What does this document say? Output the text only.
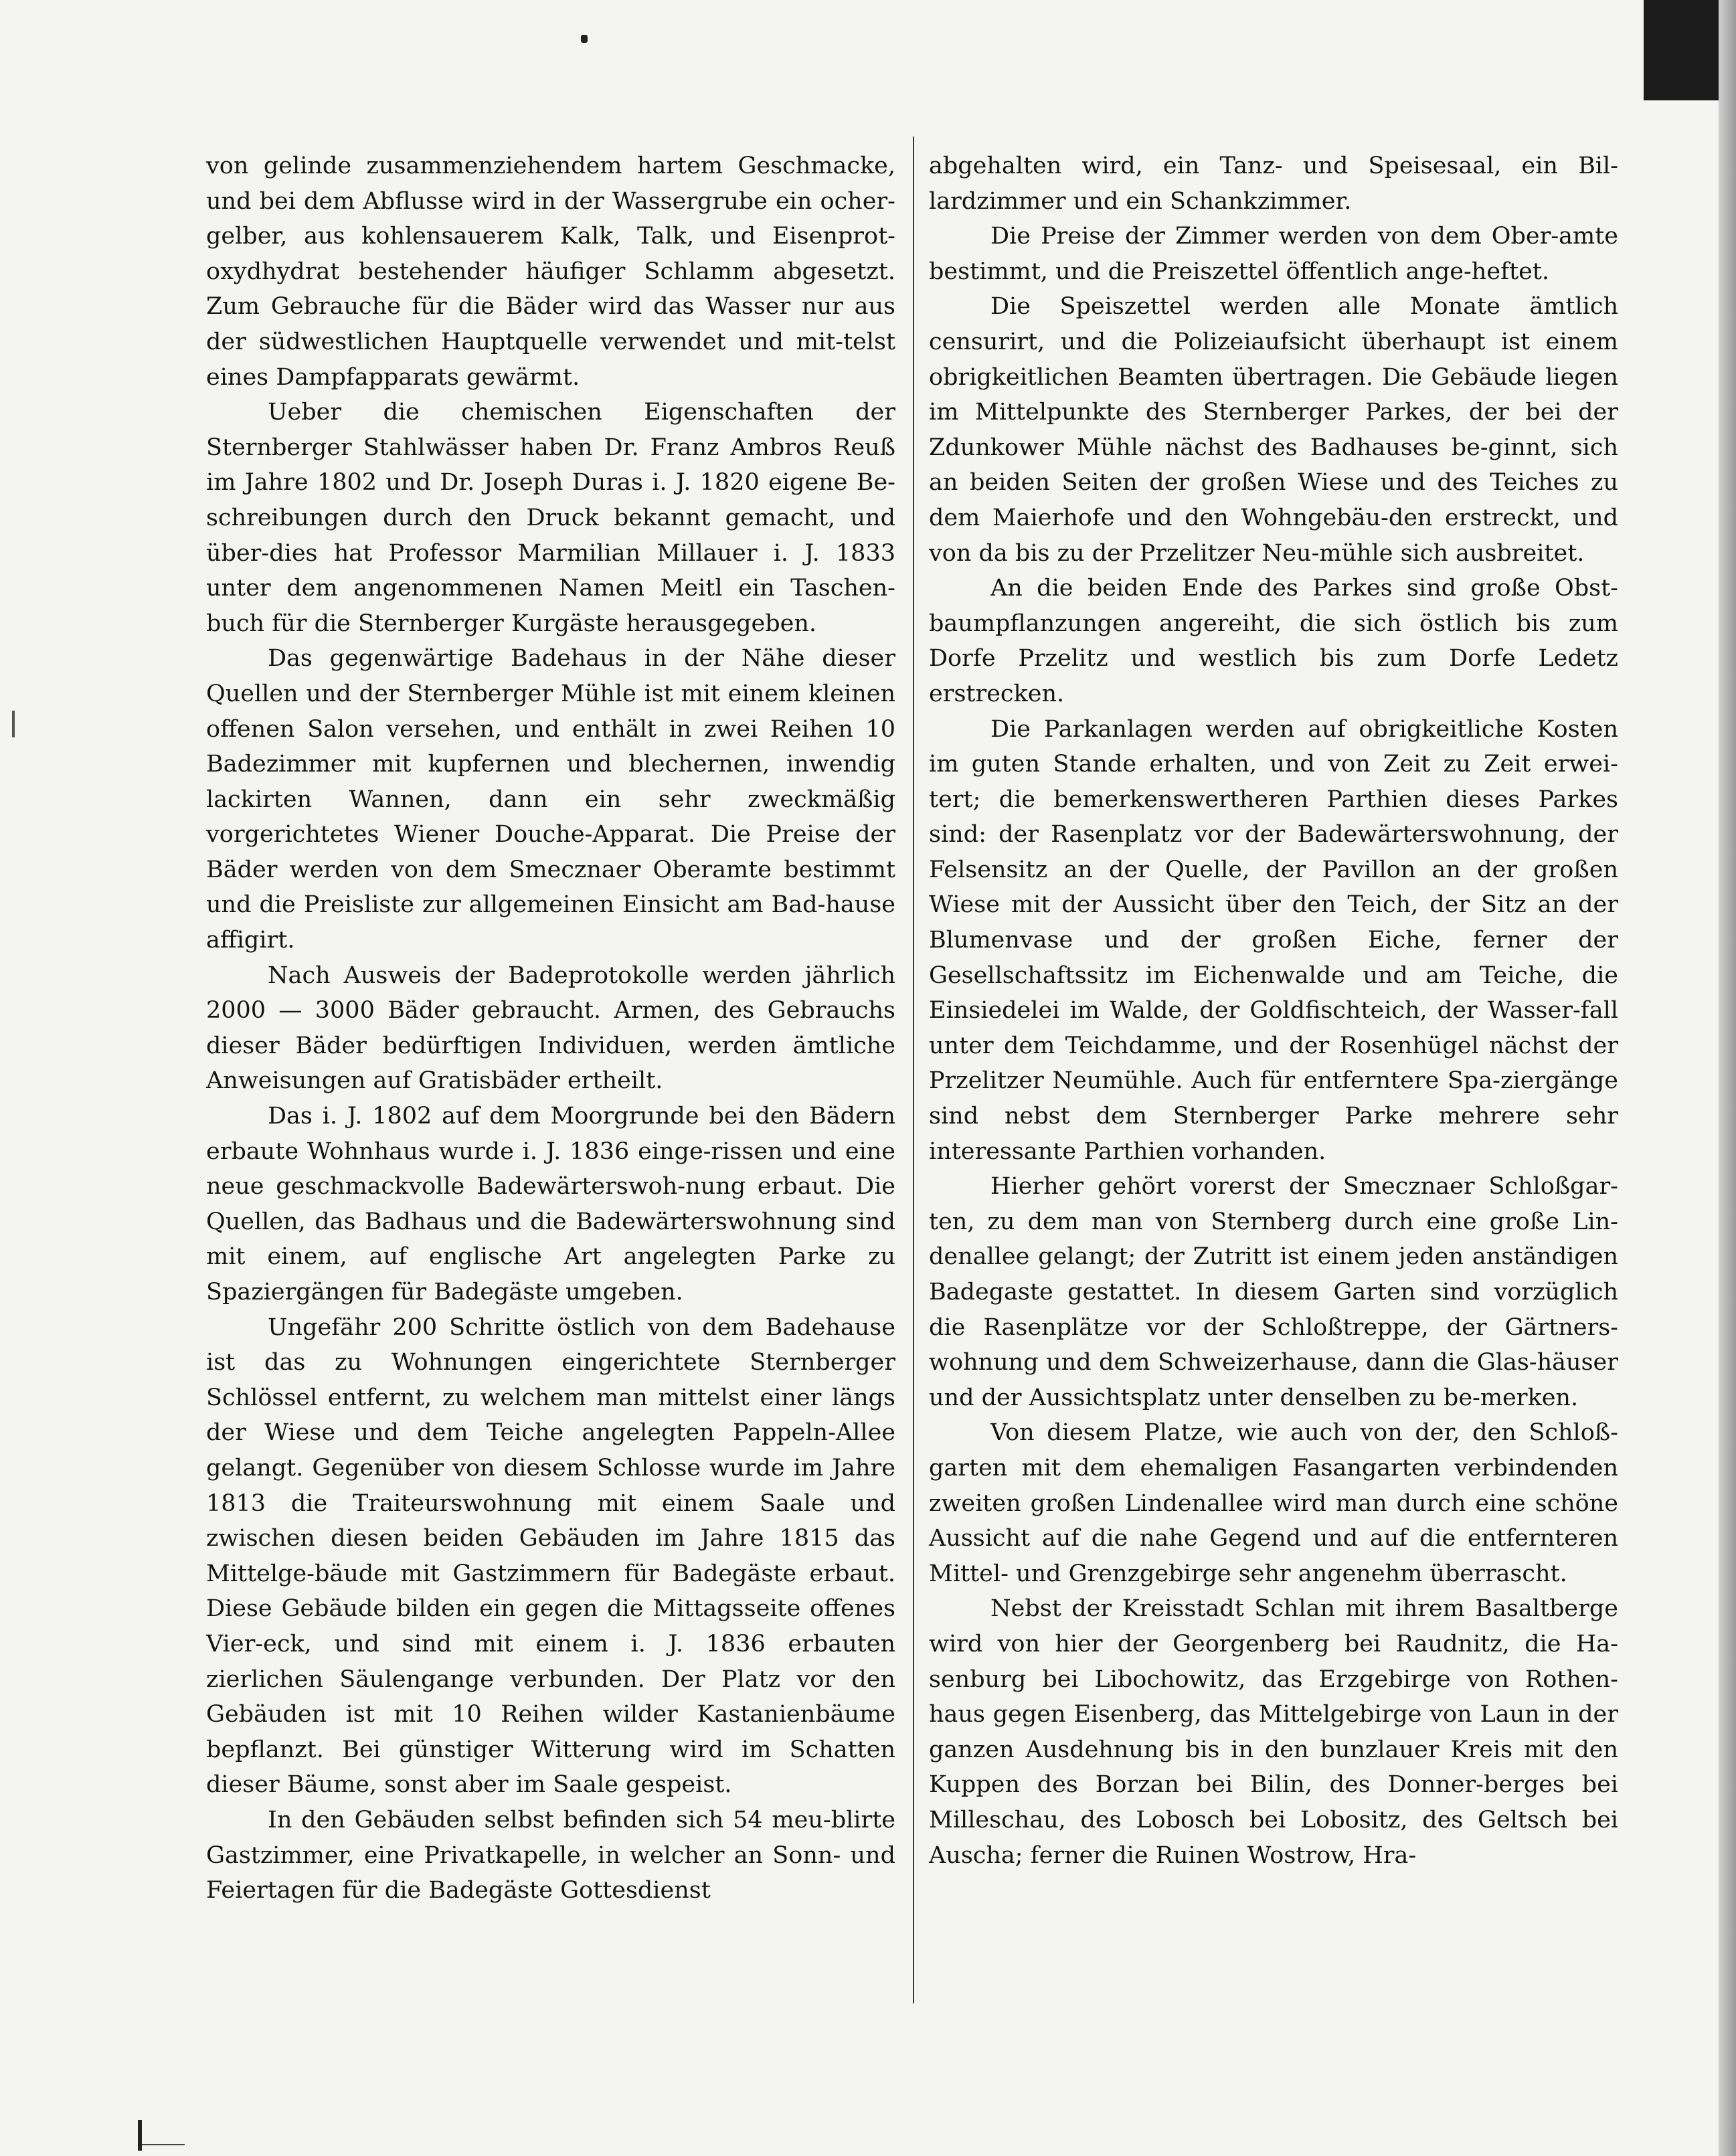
von gelinde zusammenziehendem hartem Geschmacke, und bei dem Abflusse wird in der Wassergrube ein ocher-gelber, aus kohlensauerem Kalk, Talk, und Eisenprot-oxydhydrat bestehender häufiger Schlamm abgesetzt. Zum Gebrauche für die Bäder wird das Wasser nur aus der südwestlichen Hauptquelle verwendet und mit-telst eines Dampfapparats gewärmt.

Ueber die chemischen Eigenschaften der Sternberger Stahlwässer haben Dr. Franz Ambros Reuß im Jahre 1802 und Dr. Joseph Duras i. J. 1820 eigene Be-schreibungen durch den Druck bekannt gemacht, und über-dies hat Professor Marmilian Millauer i. J. 1833 unter dem angenommenen Namen Meitl ein Taschen-buch für die Sternberger Kurgäste herausgegeben.

Das gegenwärtige Badehaus in der Nähe dieser Quellen und der Sternberger Mühle ist mit einem kleinen offenen Salon versehen, und enthält in zwei Reihen 10 Badezimmer mit kupfernen und blechernen, inwendig lackirten Wannen, dann ein sehr zweckmäßig vorgerichtetes Wiener Douche-Apparat. Die Preise der Bäder werden von dem Smecznaer Oberamte bestimmt und die Preisliste zur allgemeinen Einsicht am Bad-hause affigirt.

Nach Ausweis der Badeprotokolle werden jährlich 2000 — 3000 Bäder gebraucht. Armen, des Gebrauchs dieser Bäder bedürftigen Individuen, werden ämtliche Anweisungen auf Gratisbäder ertheilt.

Das i. J. 1802 auf dem Moorgrunde bei den Bädern erbaute Wohnhaus wurde i. J. 1836 einge-rissen und eine neue geschmackvolle Badewärterswoh-nung erbaut. Die Quellen, das Badhaus und die Badewärterswohnung sind mit einem, auf englische Art angelegten Parke zu Spaziergängen für Badegäste umgeben.

Ungefähr 200 Schritte östlich von dem Badehause ist das zu Wohnungen eingerichtete Sternberger Schlössel entfernt, zu welchem man mittelst einer längs der Wiese und dem Teiche angelegten Pappeln-Allee gelangt. Gegenüber von diesem Schlosse wurde im Jahre 1813 die Traiteurswohnung mit einem Saale und zwischen diesen beiden Gebäuden im Jahre 1815 das Mittelge-bäude mit Gastzimmern für Badegäste erbaut. Diese Gebäude bilden ein gegen die Mittagsseite offenes Vier-eck, und sind mit einem i. J. 1836 erbauten zierlichen Säulengange verbunden. Der Platz vor den Gebäuden ist mit 10 Reihen wilder Kastanienbäume bepflanzt. Bei günstiger Witterung wird im Schatten dieser Bäume, sonst aber im Saale gespeist.

In den Gebäuden selbst befinden sich 54 meu-blirte Gastzimmer, eine Privatkapelle, in welcher an Sonn- und Feiertagen für die Badegäste Gottesdienst

abgehalten wird, ein Tanz- und Speisesaal, ein Bil-lardzimmer und ein Schankzimmer.

Die Preise der Zimmer werden von dem Ober-amte bestimmt, und die Preiszettel öffentlich ange-heftet.

Die Speiszettel werden alle Monate ämtlich censurirt, und die Polizeiaufsicht überhaupt ist einem obrigkeitlichen Beamten übertragen. Die Gebäude liegen im Mittelpunkte des Sternberger Parkes, der bei der Zdunkower Mühle nächst des Badhauses be-ginnt, sich an beiden Seiten der großen Wiese und des Teiches zu dem Maierhofe und den Wohngebäu-den erstreckt, und von da bis zu der Przelitzer Neu-mühle sich ausbreitet.

An die beiden Ende des Parkes sind große Obst-baumpflanzungen angereiht, die sich östlich bis zum Dorfe Przelitz und westlich bis zum Dorfe Ledetz erstrecken.

Die Parkanlagen werden auf obrigkeitliche Kosten im guten Stande erhalten, und von Zeit zu Zeit erwei-tert; die bemerkenswertheren Parthien dieses Parkes sind: der Rasenplatz vor der Badewärterswohnung, der Felsensitz an der Quelle, der Pavillon an der großen Wiese mit der Aussicht über den Teich, der Sitz an der Blumenvase und der großen Eiche, ferner der Gesellschaftssitz im Eichenwalde und am Teiche, die Einsiedelei im Walde, der Goldfischteich, der Wasser-fall unter dem Teichdamme, und der Rosenhügel nächst der Przelitzer Neumühle. Auch für entferntere Spa-ziergänge sind nebst dem Sternberger Parke mehrere sehr interessante Parthien vorhanden.

Hierher gehört vorerst der Smecznaer Schloßgar-ten, zu dem man von Sternberg durch eine große Lin-denallee gelangt; der Zutritt ist einem jeden anständigen Badegaste gestattet. In diesem Garten sind vorzüglich die Rasenplätze vor der Schloßtreppe, der Gärtners-wohnung und dem Schweizerhause, dann die Glas-häuser und der Aussichtsplatz unter denselben zu be-merken.

Von diesem Platze, wie auch von der, den Schloß-garten mit dem ehemaligen Fasangarten verbindenden zweiten großen Lindenallee wird man durch eine schöne Aussicht auf die nahe Gegend und auf die entfernteren Mittel- und Grenzgebirge sehr angenehm überrascht.

Nebst der Kreisstadt Schlan mit ihrem Basaltberge wird von hier der Georgenberg bei Raudnitz, die Ha-senburg bei Libochowitz, das Erzgebirge von Rothen-haus gegen Eisenberg, das Mittelgebirge von Laun in der ganzen Ausdehnung bis in den bunzlauer Kreis mit den Kuppen des Borzan bei Bilin, des Donner-berges bei Milleschau, des Lobosch bei Lobositz, des Geltsch bei Auscha; ferner die Ruinen Wostrow, Hra-
